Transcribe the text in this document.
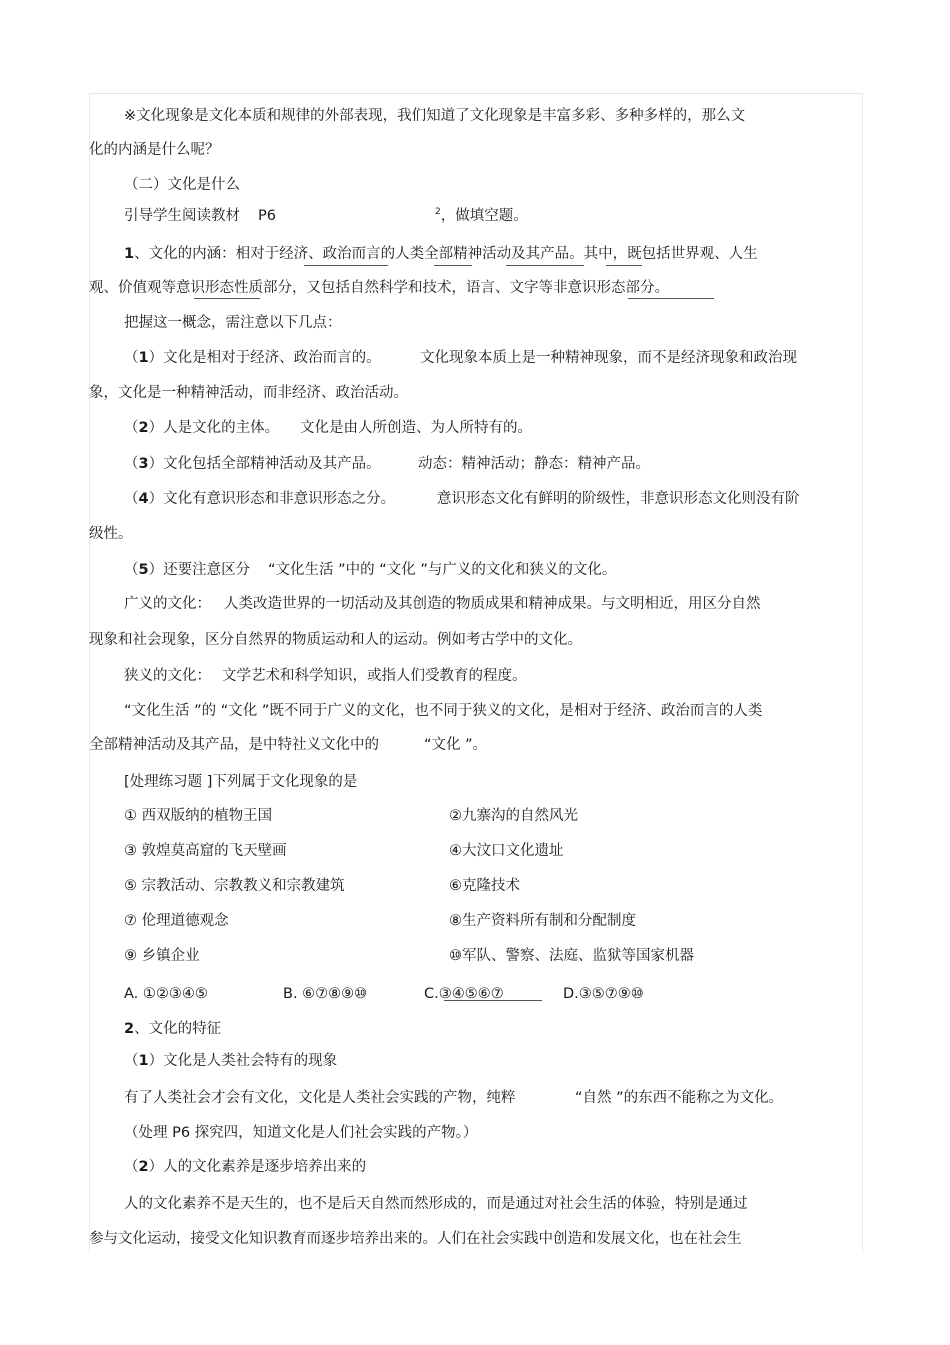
※文化现象是文化本质和规律的外部表现，我们知道了文化现象是丰富多彩、多种多样的，那么文
化的内涵是什么呢？
（二）文化是什么
引导学生阅读教材 P6	$^2$，做填空题。
1、文化的内涵：相对于经济、政治而言的人类全部精神活动及其产品。其中，既包括世界观、人生
观、价值观等意识形态性质部分，又包括自然科学和技术，语言、文字等非意识形态部分。
把握这一概念，需注意以下几点：
（1）文化是相对于经济、政治而言的。	文化现象本质上是一种精神现象，而不是经济现象和政治现
象，文化是一种精神活动，而非经济、政治活动。
（2）人是文化的主体。 文化是由人所创造、为人所特有的。
（3）文化包括全部精神活动及其产品。	动态：精神活动；静态：精神产品。
（4）文化有意识形态和非意识形态之分。	意识形态文化有鲜明的阶级性，非意识形态文化则没有阶
级性。
（5）还要注意区分 “文化生活 ”中的 “文化 ”与广义的文化和狭义的文化。
广义的文化： 人类改造世界的一切活动及其创造的物质成果和精神成果。与文明相近，用区分自然
现象和社会现象，区分自然界的物质运动和人的运动。例如考古学中的文化。
狭义的文化： 文学艺术和科学知识，或指人们受教育的程度。
“文化生活 ”的 “文化 ”既不同于广义的文化，也不同于狭义的文化，是相对于经济、政治而言的人类
全部精神活动及其产品，是中特社义文化中的	“文化 ”。
[处理练习题 ]下列属于文化现象的是
① 西双版纳的植物王国	②九寨沟的自然风光
③ 敦煌莫高窟的飞天壁画	④大汶口文化遗址
⑤ 宗教活动、宗教教义和宗教建筑	⑥克隆技术
⑦ 伦理道德观念	⑧生产资料所有制和分配制度
⑨ 乡镇企业	⑩军队、警察、法庭、监狱等国家机器
A. ①②③④⑤	B. ⑥⑦⑧⑨⑩	C.③④⑤⑥⑦	D.③⑤⑦⑨⑩
2、文化的特征
（1）文化是人类社会特有的现象
有了人类社会才会有文化，文化是人类社会实践的产物，纯粹	“自然 ”的东西不能称之为文化。
（处理 P6 探究四，知道文化是人们社会实践的产物。）
（2）人的文化素养是逐步培养出来的
人的文化素养不是天生的，也不是后天自然而然形成的，而是通过对社会生活的体验，特别是通过
参与文化运动，接受文化知识教育而逐步培养出来的。人们在社会实践中创造和发展文化，也在社会生
